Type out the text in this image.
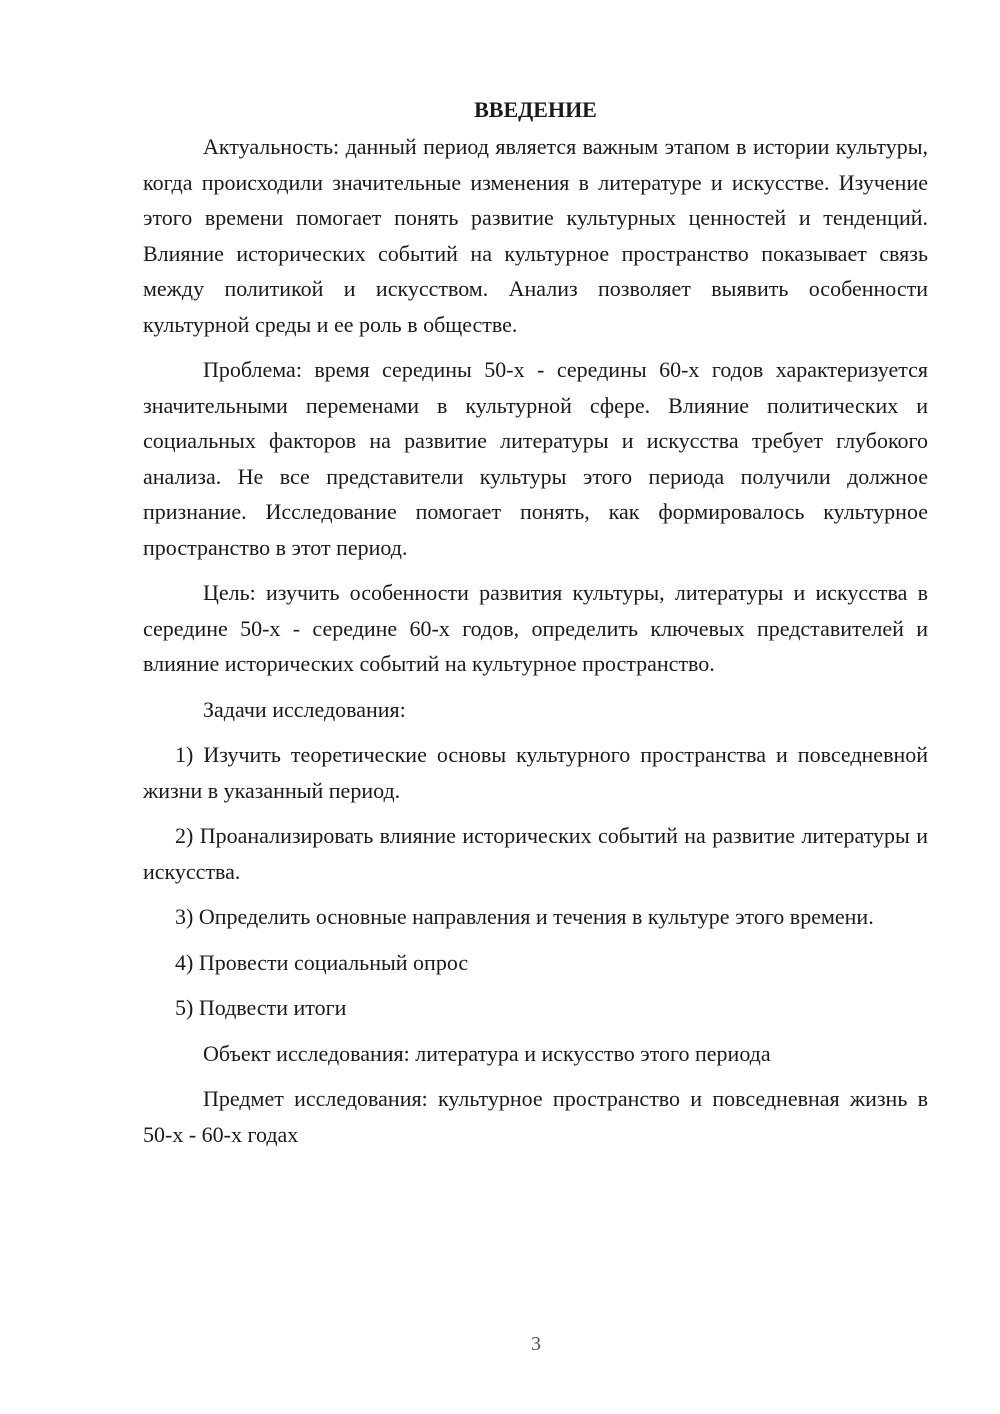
ВВЕДЕНИЕ

Актуальность: данный период является важным этапом в истории культуры, когда происходили значительные изменения в литературе и искусстве. Изучение этого времени помогает понять развитие культурных ценностей и тенденций. Влияние исторических событий на культурное пространство показывает связь между политикой и искусством. Анализ позволяет выявить особенности культурной среды и ее роль в обществе.

Проблема: время середины 50-х - середины 60-х годов характеризуется значительными переменами в культурной сфере. Влияние политических и социальных факторов на развитие литературы и искусства требует глубокого анализа. Не все представители культуры этого периода получили должное признание. Исследование помогает понять, как формировалось культурное пространство в этот период.

Цель: изучить особенности развития культуры, литературы и искусства в середине 50-х - середине 60-х годов, определить ключевых представителей и влияние исторических событий на культурное пространство.

Задачи исследования:

1) Изучить теоретические основы культурного пространства и повседневной жизни в указанный период.

2) Проанализировать влияние исторических событий на развитие литературы и искусства.

3) Определить основные направления и течения в культуре этого времени.

4) Провести социальный опрос

5) Подвести итоги

Объект исследования: литература и искусство этого периода

Предмет исследования: культурное пространство и повседневная жизнь в 50-х - 60-х годах

3
